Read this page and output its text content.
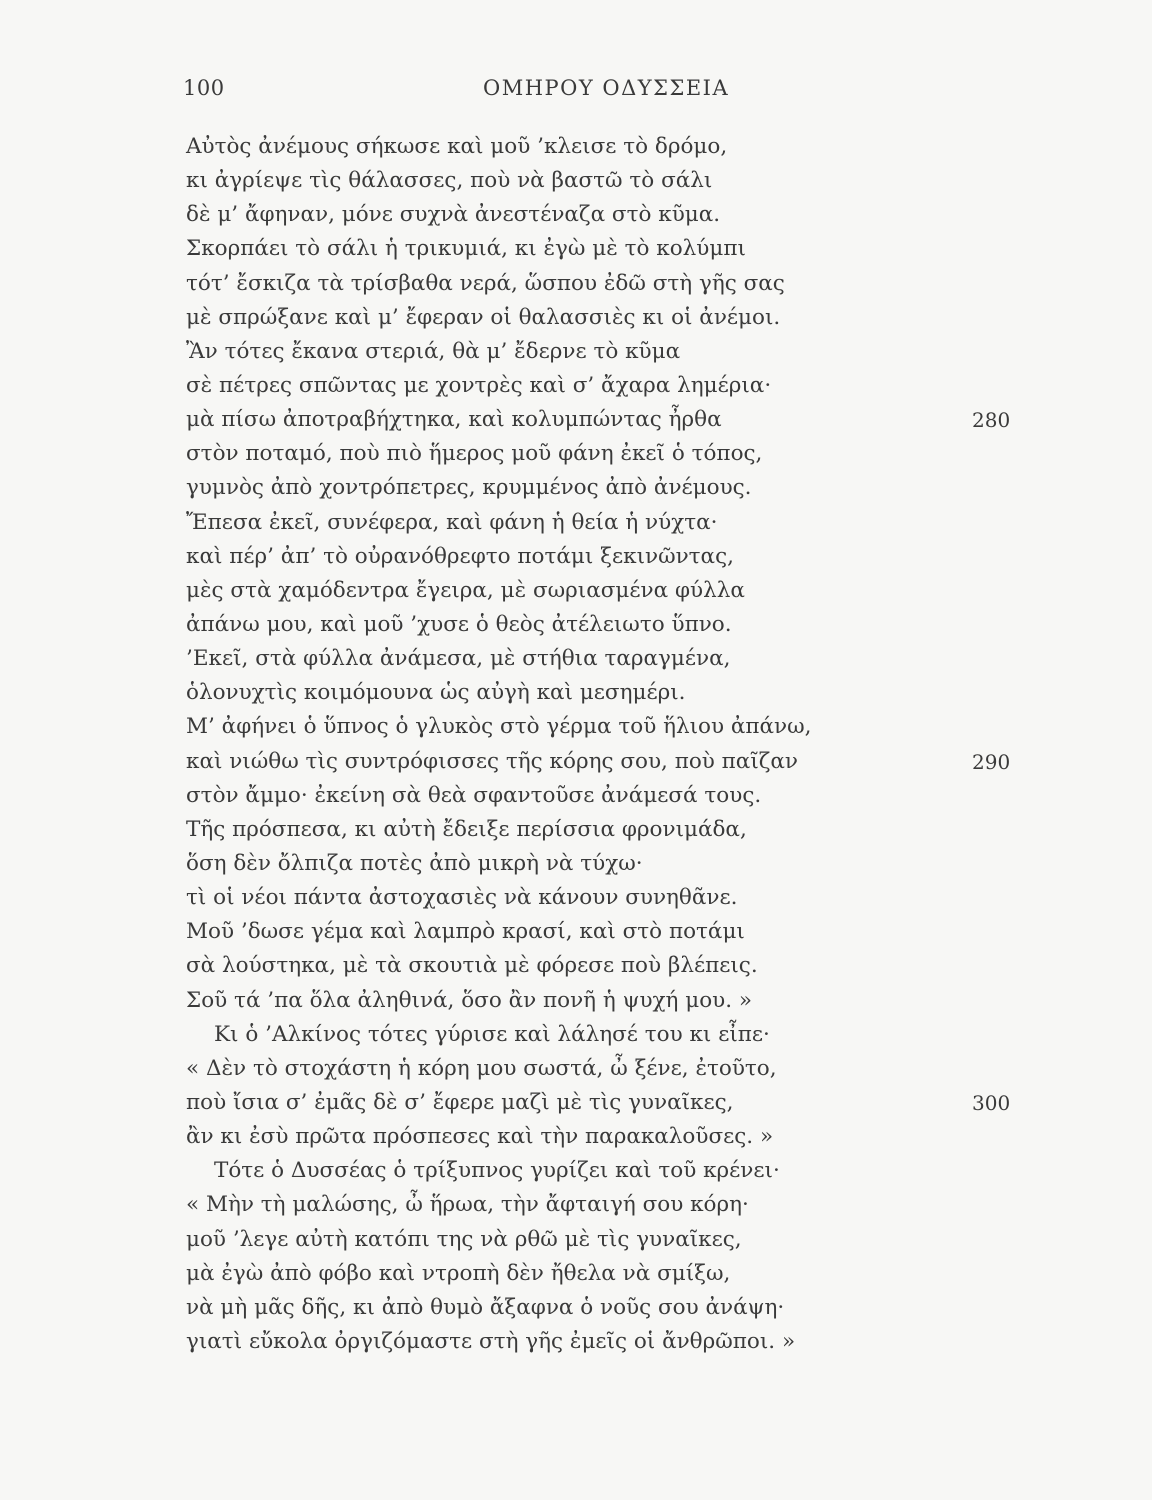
100	ΟΜΗΡΟΥ ΟΔΥΣΣΕΙΑ
Αὐτὸς ἀνέμους σήκωσε καὶ μοῦ ’κλεισε τὸ δρόμο,
κι ἀγρίεψε τὶς θάλασσες, ποὺ νὰ βαστῶ τὸ σάλι
δὲ μ’ ἄφηναν, μόνε συχνὰ ἀνεστέναζα στὸ κῦμα.
Σκορπάει τὸ σάλι ἡ τρικυμιά, κι ἐγὼ μὲ τὸ κολύμπι
τότ’ ἔσκιζα τὰ τρίσβαθα νερά, ὥσπου ἐδῶ στὴ γῆς σας
μὲ σπρώξανε καὶ μ’ ἔφεραν οἱ θαλασσιὲς κι οἱ ἀνέμοι.
Ἂν τότες ἔκανα στεριά, θὰ μ’ ἔδερνε τὸ κῦμα
σὲ πέτρες σπῶντας με χοντρὲς καὶ σ’ ἄχαρα λημέρια·
μὰ πίσω ἀποτραβήχτηκα, καὶ κολυμπώντας ἦρθα	280
στὸν ποταμό, ποὺ πιὸ ἥμερος μοῦ φάνη ἐκεῖ ὁ τόπος,
γυμνὸς ἀπὸ χοντρόπετρες, κρυμμένος ἀπὸ ἀνέμους.
Ἔπεσα ἐκεῖ, συνέφερα, καὶ φάνη ἡ θεία ἡ νύχτα·
καὶ πέρ’ ἀπ’ τὸ οὐρανόθρεφτο ποτάμι ξεκινῶντας,
μὲς στὰ χαμόδεντρα ἔγειρα, μὲ σωριασμένα φύλλα
ἀπάνω μου, καὶ μοῦ ’χυσε ὁ θεὸς ἀτέλειωτο ὕπνο.
’Εκεῖ, στὰ φύλλα ἀνάμεσα, μὲ στήθια ταραγμένα,
ὁλονυχτὶς κοιμόμουνα ὡς αὐγὴ καὶ μεσημέρι.
Μ’ ἀφήνει ὁ ὕπνος ὁ γλυκὸς στὸ γέρμα τοῦ ἥλιου ἀπάνω,
καὶ νιώθω τὶς συντρόφισσες τῆς κόρης σου, ποὺ παῖζαν	290
στὸν ἄμμο· ἐκείνη σὰ θεὰ σφαντοῦσε ἀνάμεσά τους.
Τῆς πρόσπεσα, κι αὐτὴ ἔδειξε περίσσια φρονιμάδα,
ὅση δὲν ὄλπιζα ποτὲς ἀπὸ μικρὴ νὰ τύχω·
τὶ οἱ νέοι πάντα ἀστοχασιὲς νὰ κάνουν συνηθᾶνε.
Μοῦ ’δωσε γέμα καὶ λαμπρὸ κρασί, καὶ στὸ ποτάμι
σὰ λούστηκα, μὲ τὰ σκουτιὰ μὲ φόρεσε ποὺ βλέπεις.
Σοῦ τά ’πα ὅλα ἀληθινά, ὅσο ἂν πονῆ ἡ ψυχή μου. »
Κι ὁ ’Αλκίνος τότες γύρισε καὶ λάλησέ του κι εἶπε·
« Δὲν τὸ στοχάστη ἡ κόρη μου σωστά, ὦ ξένε, ἐτοῦτο,
ποὺ ἴσια σ’ ἐμᾶς δὲ σ’ ἔφερε μαζὶ μὲ τὶς γυναῖκες,	300
ἂν κι ἐσὺ πρῶτα πρόσπεσες καὶ τὴν παρακαλοῦσες. »
Τότε ὁ Δυσσέας ὁ τρίξυπνος γυρίζει καὶ τοῦ κρένει·
« Μὴν τὴ μαλώσης, ὦ ἥρωα, τὴν ἄφταιγή σου κόρη·
μοῦ ’λεγε αὐτὴ κατόπι της νὰ ρθῶ μὲ τὶς γυναῖκες,
μὰ ἐγὼ ἀπὸ φόβο καὶ ντροπὴ δὲν ἤθελα νὰ σμίξω,
νὰ μὴ μᾶς δῆς, κι ἀπὸ θυμὸ ἄξαφνα ὁ νοῦς σου ἀνάψη·
γιατὶ εὔκολα ὀργιζόμαστε στὴ γῆς ἐμεῖς οἱ ἄνθρῶποι. »
